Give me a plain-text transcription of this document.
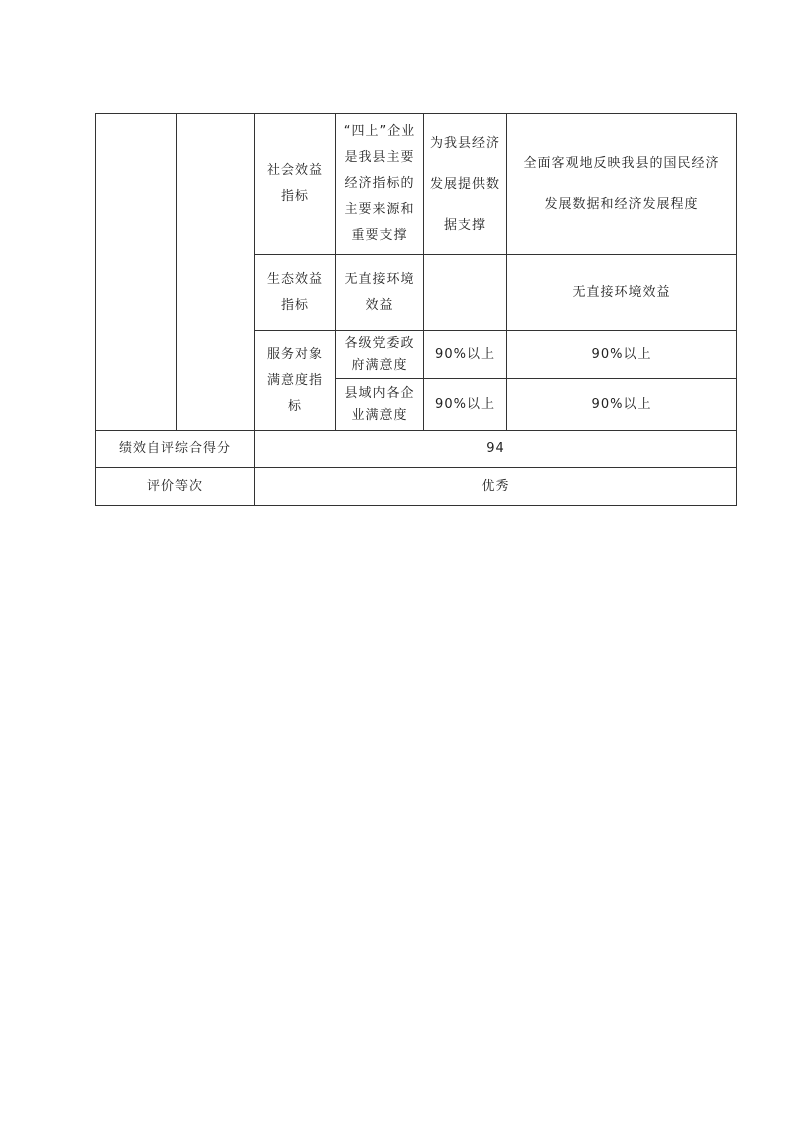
		社会效益指标	“四上”企业是我县主要经济指标的主要来源和重要支撑	为我县经济发展提供数据支撑	全面客观地反映我县的国民经济发展数据和经济发展程度

		生态效益指标	无直接环境效益		无直接环境效益

		服务对象满意度指标	各级党委政府满意度	90%以上	90%以上

			县域内各企业满意度	90%以上	90%以上

绩效自评综合得分		94			
评价等次		优秀			
